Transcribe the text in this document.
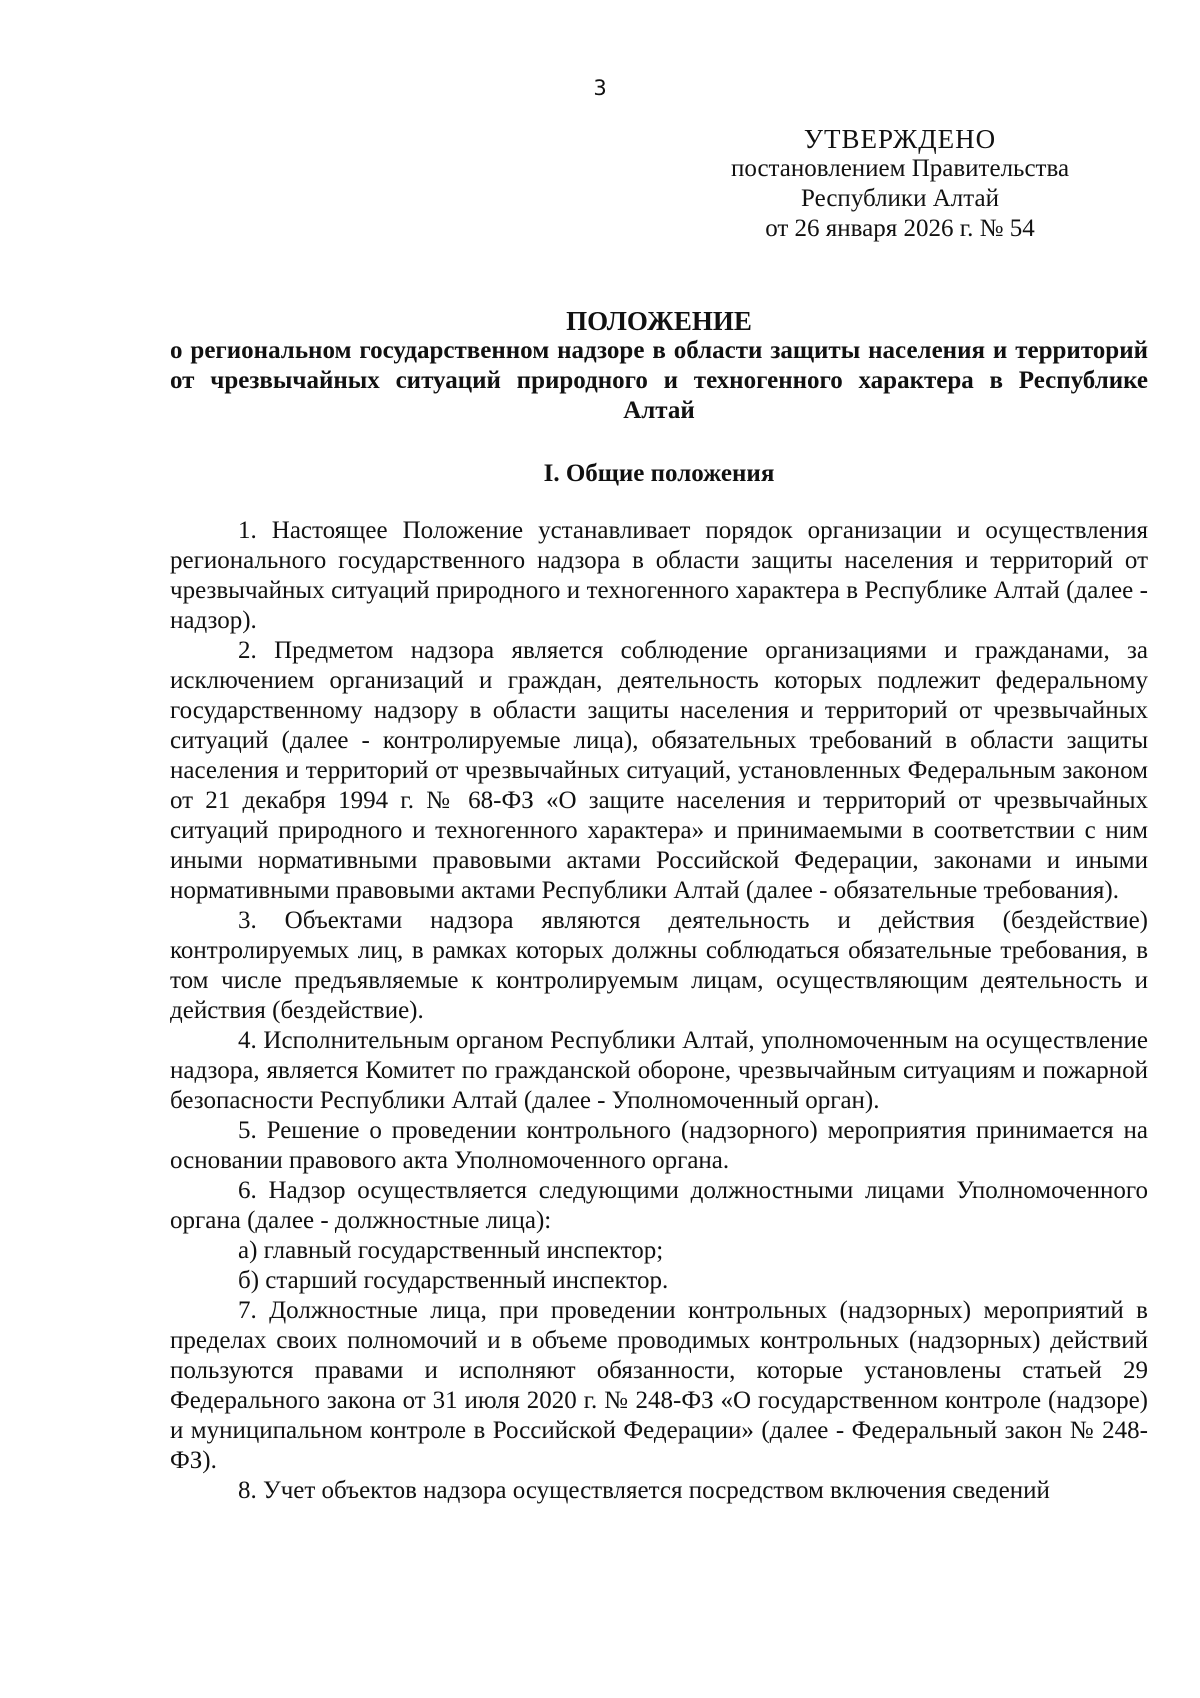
3
УТВЕРЖДЕНО
постановлением Правительства
Республики Алтай
от 26 января 2026 г. № 54
ПОЛОЖЕНИЕ
о региональном государственном надзоре в области защиты населения и территорий от чрезвычайных ситуаций природного и техногенного характера в Республике Алтай
I. Общие положения

1. Настоящее Положение устанавливает порядок организации и осуществления регионального государственного надзора в области защиты населения и территорий от чрезвычайных ситуаций природного и техногенного характера в Республике Алтай (далее - надзор).

2. Предметом надзора является соблюдение организациями и гражданами, за исключением организаций и граждан, деятельность которых подлежит федеральному государственному надзору в области защиты населения и территорий от чрезвычайных ситуаций (далее - контролируемые лица), обязательных требований в области защиты населения и территорий от чрезвычайных ситуаций, установленных Федеральным законом от 21 декабря 1994 г. № 68-ФЗ «О защите населения и территорий от чрезвычайных ситуаций природного и техногенного характера» и принимаемыми в соответствии с ним иными нормативными правовыми актами Российской Федерации, законами и иными нормативными правовыми актами Республики Алтай (далее - обязательные требования).

3. Объектами надзора являются деятельность и действия (бездействие) контролируемых лиц, в рамках которых должны соблюдаться обязательные требования, в том числе предъявляемые к контролируемым лицам, осуществляющим деятельность и действия (бездействие).

4. Исполнительным органом Республики Алтай, уполномоченным на осуществление надзора, является Комитет по гражданской обороне, чрезвычайным ситуациям и пожарной безопасности Республики Алтай (далее - Уполномоченный орган).

5. Решение о проведении контрольного (надзорного) мероприятия принимается на основании правового акта Уполномоченного органа.

6. Надзор осуществляется следующими должностными лицами Уполномоченного органа (далее - должностные лица):

а) главный государственный инспектор;

б) старший государственный инспектор.

7. Должностные лица, при проведении контрольных (надзорных) мероприятий в пределах своих полномочий и в объеме проводимых контрольных (надзорных) действий пользуются правами и исполняют обязанности, которые установлены статьей 29 Федерального закона от 31 июля 2020 г. № 248-ФЗ «О государственном контроле (надзоре) и муниципальном контроле в Российской Федерации» (далее - Федеральный закон № 248-ФЗ).

8. Учет объектов надзора осуществляется посредством включения сведений
